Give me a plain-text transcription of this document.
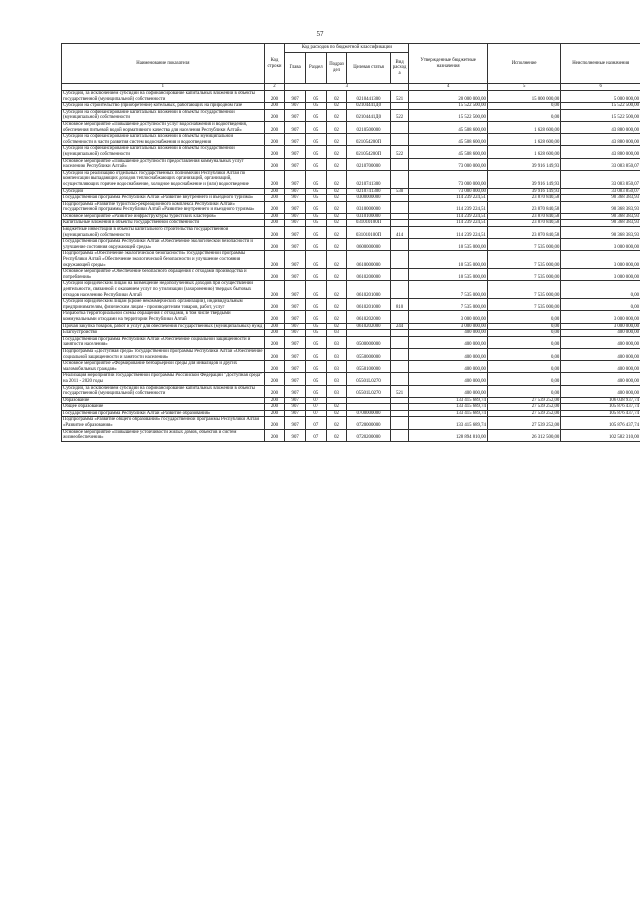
57
Наименование показателя	Код строки	Код расходов по бюджетной классификации					Утвержденные бюджетные назначения	Исполнение	Неисполненные назначения
		Глава	Раздел	Подраз дел	Целевая статья	Вид расход а			
1	2	3					4	5	6
Субсидии, за исключением субсидий на софинансирование капитальных вложений в объекты государственной (муниципальной) собственности	200	907	05	02	0210441300	521	20 000 000,00	15 000 000,00	5 000 000,00
Субсидии на строительство (приобретение) котельных, работающих на природном газе	200	907	05	02	02104441Д0		15 522 500,00	0,00	15 522 500,00
Субсидии на софинансирование капитальных вложений в объекты государственной (муниципальной) собственности	200	907	05	02	02104441Д0	522	15 522 500,00	0,00	15 522 500,00
Основное мероприятие «Повышение доступности услуг водоснабжения и водоотведения, обеспечения питьевой водой нормативного качества для населения Республики Алтай»	200	907	05	02	0210500000		45 508 600,00	1 628 600,00	43 880 000,00
Субсидии на софинансирование капитальных вложений в объекты муниципальной собственности в части развития систем водоснабжения и водоотведения	200	907	05	02	021054200П		45 508 600,00	1 628 600,00	43 880 000,00
Субсидии на софинансирование капитальных вложений в объекты государственной (муниципальной) собственности	200	907	05	02	021054200П	522	45 508 600,00	1 628 600,00	43 880 000,00
Основное мероприятие «Повышение доступности предоставления коммунальных услуг населению Республики Алтай»	200	907	05	02	0210700000		73 000 000,00	39 916 149,93	33 083 850,07
Субсидии на реализацию отдельных государственных полномочий Республики Алтай по компенсации выпадающих доходов теплоснабжающих организаций, организаций, осуществляющих горячее водоснабжение, холодное водоснабжение и (или) водоотведение	200	907	05	02	0210741300		73 000 000,00	39 916 149,93	33 083 850,07
Субсидии	200	907	05	02	0210741300	530	73 000 000,00	39 916 149,93	33 083 850,07
Государственная программа Республики Алтай «Развитие внутреннего и въездного туризма»	200	907	05	02	0300000000		114 239 224,51	23 870 840,58	90 368 383,93
Подпрограмма «Развитие туристско-рекреационного комплекса Республики Алтай» государственной программы Республики Алтай «Развитие внутреннего и въездного туризма»	200	907	05	02	0310000000		114 239 224,51	23 870 840,58	90 368 383,93
Основное мероприятие «Развитие инфраструктуры туристских кластеров»	200	907	05	02	0310100000		114 239 224,51	23 870 840,58	90 368 383,93
Капитальные вложения в объекты государственной собственности	200	907	05	02	031010100П		114 239 224,51	23 870 840,58	90 368 383,93
Бюджетные инвестиции в объекты капитального строительства государственной (муниципальной) собственности	200	907	05	02	031010100П	414	114 239 224,51	23 870 840,58	90 368 383,93
Государственная программа Республики Алтай «Обеспечение экологической безопасности и улучшение состояния окружающей среды»	200	907	05	02	0600000000		10 535 000,00	7 535 000,00	3 000 000,00
Подпрограмма «Обеспечение экологической безопасности» государственной программы Республики Алтай «Обеспечение экологической безопасности и улучшение состояния окружающей среды»	200	907	05	02	0610000000		10 535 000,00	7 535 000,00	3 000 000,00
Основное мероприятие «Обеспечение безопасного обращения с отходами производства и потребления»	200	907	05	02	0610200000		10 535 000,00	7 535 000,00	3 000 000,00
Субсидии юридическим лицам на возмещение недополученных доходов при осуществлении деятельности, связанной с оказанием услуг по утилизации (захоронению) твердых бытовых отходов населению Республики Алтай	200	907	05	02	0610201000		7 535 000,00	7 535 000,00	0,00
Субсидии юридическим лицам (кроме некоммерческих организаций), индивидуальным предпринимателям, физическим лицам - производителям товаров, работ, услуг	200	907	05	02	0610201000	810	7 535 000,00	7 535 000,00	0,00
Разработка территориальной схемы обращения с отходами, в том числе твердыми коммунальными отходами на территории Республики Алтай	200	907	05	02	0610202000		3 000 000,00	0,00	3 000 000,00
Прочая закупка товаров, работ и услуг для обеспечения государственных (муниципальных) нужд	200	907	05	02	0610202000	244	3 000 000,00	0,00	3 000 000,00
Благоустройство	200	907	05	03			400 000,00	0,00	400 000,00
Государственная программа Республики Алтай «Обеспечение социальной защищенности и занятости населения»	200	907	05	03	0500000000		400 000,00	0,00	400 000,00
Подпрограмма «Доступная среда» государственной программы Республики Алтай «Обеспечение социальной защищенности и занятости населения»	200	907	05	03	0550000000		400 000,00	0,00	400 000,00
Основное мероприятие «Формирование безбарьерной среды для инвалидов и других маломобильных граждан»	200	907	05	03	0550100000		400 000,00	0,00	400 000,00
Реализация мероприятий государственной программы Российской Федерации "Доступная среда" на 2011 - 2020 годы	200	907	05	03	05501L0270		400 000,00	0,00	400 000,00
Субсидии, за исключением субсидий на софинансирование капитальных вложений в объекты государственной (муниципальной) собственности	200	907	05	03	05501L0270	521	400 000,00	0,00	400 000,00
Образование	200	907	07				133 415 689,74	27 539 252,00	106 038 937,74
Общее образование	200	907	07	02			133 415 689,74	27 539 252,00	105 876 437,74
Государственная программа Республики Алтай «Развитие образования»	200	907	07	02	0700000000		133 415 689,74	27 539 252,00	105 876 437,74
Подпрограмма «Развитие общего образования» государственной программы Республики Алтай «Развитие образования»	200	907	07	02	0720000000		133 415 689,74	27 539 252,00	105 876 437,74
Основное мероприятие «Повышение устойчивости жилых домов, объектов и систем жизнеобеспечения»	200	907	07	02	0720200000		128 894 810,00	26 312 500,00	102 582 310,00
